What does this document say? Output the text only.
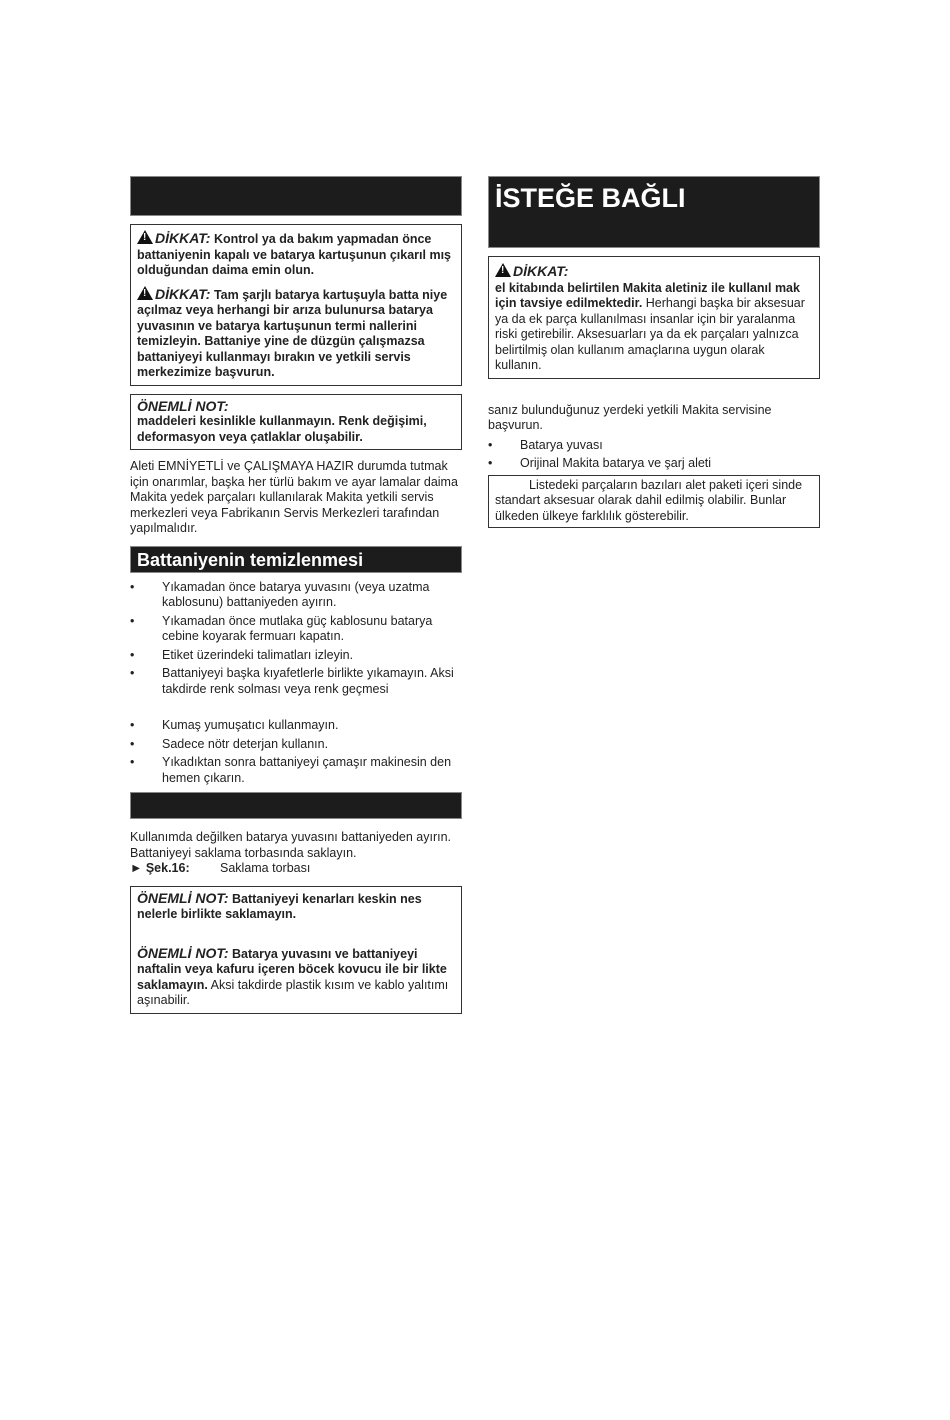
!DİKKAT: Kontrol ya da bakım yapmadan önce battaniyenin kapalı ve batarya kartuşunun çıkarıl mış olduğundan daima emin olun.

!DİKKAT: Tam şarjlı batarya kartuşuyla batta niye açılmaz veya herhangi bir arıza bulunursa batarya yuvasının ve batarya kartuşunun termi nallerini temizleyin. Battaniye yine de düzgün çalışmazsa battaniyeyi kullanmayı bırakın ve yetkili servis merkezimize başvurun.

ÖNEMLİ NOT:

maddeleri kesinlikle kullanmayın. Renk değişimi, deformasyon veya çatlaklar oluşabilir.

Aleti EMNİYETLİ ve ÇALIŞMAYA HAZIR durumda tutmak için onarımlar, başka her türlü bakım ve ayar lamalar daima Makita yedek parçaları kullanılarak Makita yetkili servis merkezleri veya Fabrikanın Servis Merkezleri tarafından yapılmalıdır.

Battaniyenin temizlenmesi
• Yıkamadan önce batarya yuvasını (veya uzatma kablosunu) battaniyeden ayırın.
• Yıkamadan önce mutlaka güç kablosunu batarya cebine koyarak fermuarı kapatın.
• Etiket üzerindeki talimatları izleyin.
• Battaniyeyi başka kıyafetlerle birlikte yıkamayın. Aksi takdirde renk solması veya renk geçmesi
• Kumaş yumuşatıcı kullanmayın.
• Sadece nötr deterjan kullanın.
• Yıkadıktan sonra battaniyeyi çamaşır makinesin den hemen çıkarın.

Kullanımda değilken batarya yuvasını battaniyeden ayırın. Battaniyeyi saklama torbasında saklayın.

► Şek.16:	Saklama torbası

ÖNEMLİ NOT: Battaniyeyi kenarları keskin nes nelerle birlikte saklamayın.

ÖNEMLİ NOT: Batarya yuvasını ve battaniyeyi naftalin veya kafuru içeren böcek kovucu ile bir likte saklamayın. Aksi takdirde plastik kısım ve kablo yalıtımı aşınabilir.

İSTEĞE BAĞLI

!DİKKAT:
el kitabında belirtilen Makita aletiniz ile kullanıl mak için tavsiye edilmektedir. Herhangi başka bir aksesuar ya da ek parça kullanılması insanlar için bir yaralanma riski getirebilir. Aksesuarları ya da ek parçaları yalnızca belirtilmiş olan kullanım amaçlarına uygun olarak kullanın.

sanız bulunduğunuz yerdeki yetkili Makita servisine başvurun.

• Batarya yuvası
• Orijinal Makita batarya ve şarj aleti

Listedeki parçaların bazıları alet paketi içeri sinde standart aksesuar olarak dahil edilmiş olabilir. Bunlar ülkeden ülkeye farklılık gösterebilir.
